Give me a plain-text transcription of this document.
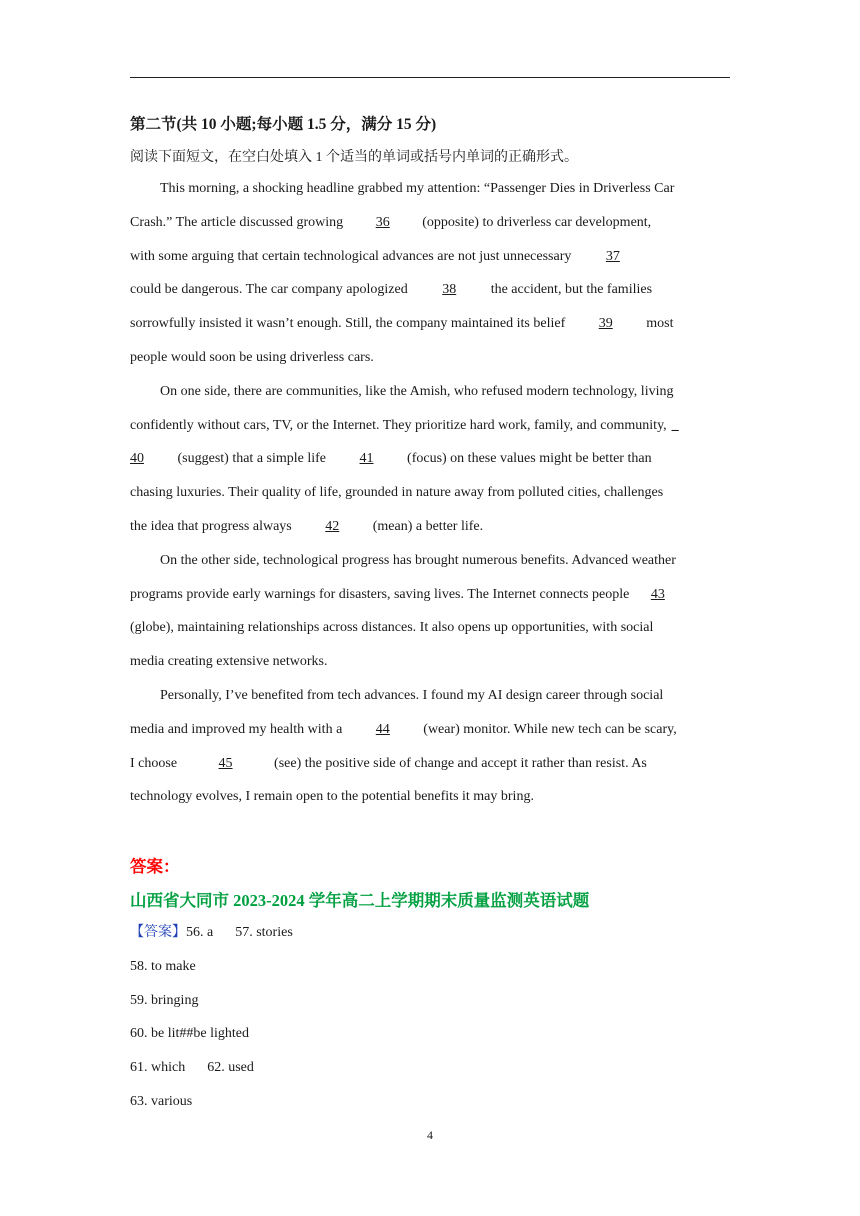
第二节(共 10 小题;每小题 1.5 分，满分 15 分)
阅读下面短文，在空白处填入 1 个适当的单词或括号内单词的正确形式。
This morning, a shocking headline grabbed my attention: “Passenger Dies in Driverless Car
Crash.” The article discussed growing 36 (opposite) to driverless car development,
with some arguing that certain technological advances are not just unnecessary 37
could be dangerous. The car company apologized 38 the accident, but the families
sorrowfully insisted it wasn’t enough. Still, the company maintained its belief 39 most
people would soon be using driverless cars.
On one side, there are communities, like the Amish, who refused modern technology, living
confidently without cars, TV, or the Internet. They prioritize hard work, family, and community, _
40 (suggest) that a simple life 41 (focus) on these values might be better than
chasing luxuries. Their quality of life, grounded in nature away from polluted cities, challenges
the idea that progress always 42 (mean) a better life.
On the other side, technological progress has brought numerous benefits. Advanced weather
programs provide early warnings for disasters, saving lives. The Internet connects people 43
(globe), maintaining relationships across distances. It also opens up opportunities, with social
media creating extensive networks.
Personally, I’ve benefited from tech advances. I found my AI design career through social
media and improved my health with a 44 (wear) monitor. While new tech can be scary,
I choose	45	(see) the positive side of change and accept it rather than resist. As
technology evolves, I remain open to the potential benefits it may bring.
答案：
山西省大同市 2023-2024 学年高二上学期期末质量监测英语试题
【答案】56. a 57. stories
58. to make
59. bringing
60. be lit##be lighted
61. which 62. used
63. various
4
